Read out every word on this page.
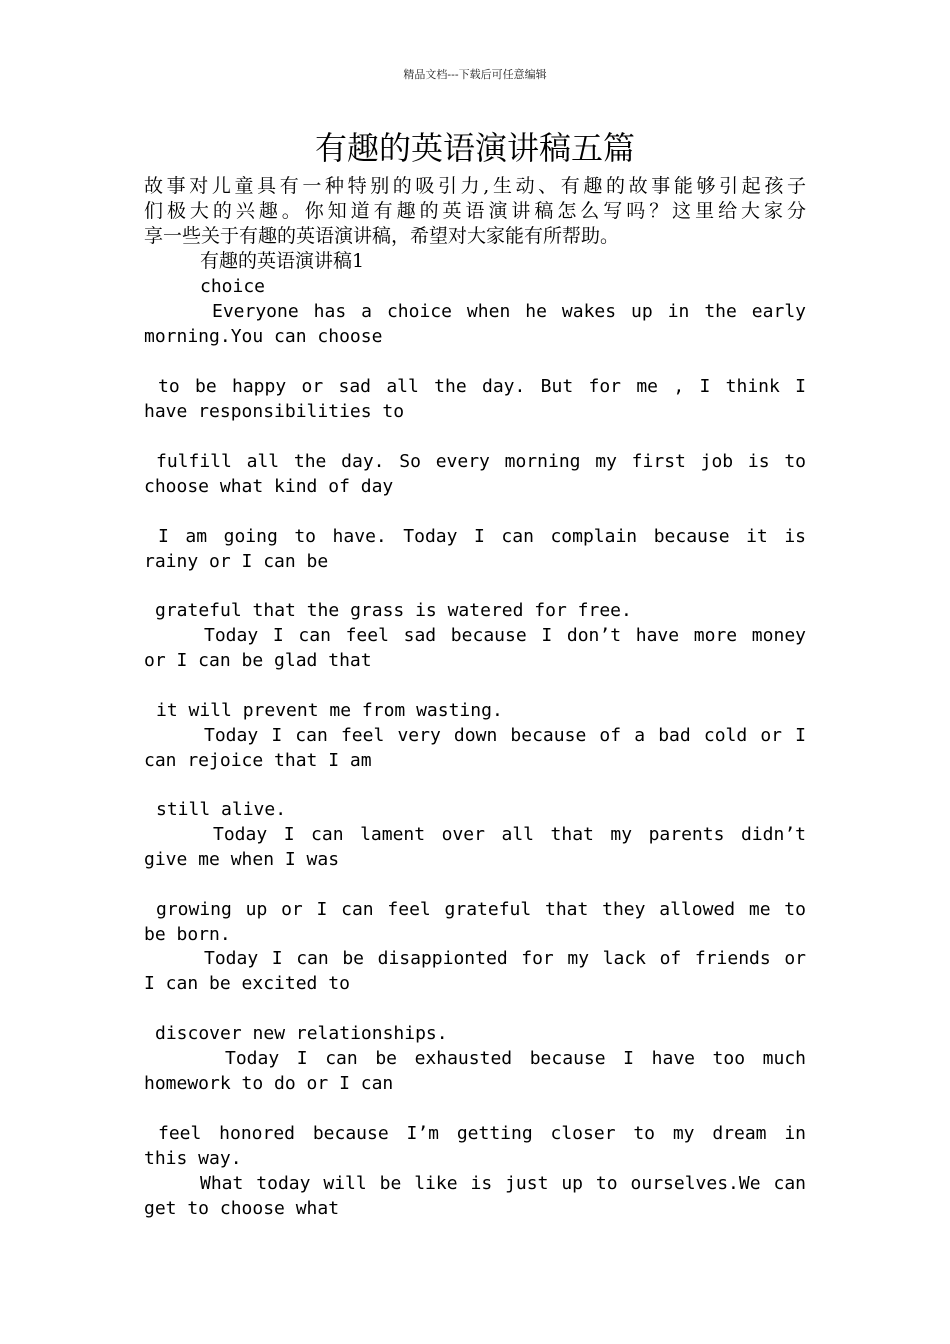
精品文档---下载后可任意编辑
有趣的英语演讲稿五篇
故事对儿童具有一种特别的吸引力,生动、有趣的故事能够引起孩子
们极大的兴趣。你知道有趣的英语演讲稿怎么写吗？这里给大家分
享一些关于有趣的英语演讲稿，希望对大家能有所帮助。
有趣的英语演讲稿1
choice
Everyone has a choice when he wakes up in the early
morning.You can choose
to be happy or sad all the day. But for me , I think I
have responsibilities to
fulfill all the day. So every morning my first job is to
choose what kind of day
I am going to have. Today I can complain because it is
rainy or I can be
grateful that the grass is watered for free.
Today I can feel sad because I don’t have more money
or I can be glad that
it will prevent me from wasting.
Today I can feel very down because of a bad cold or I
can rejoice that I am
still alive.
Today I can lament over all that my parents didn’t
give me when I was
growing up or I can feel grateful that they allowed me to
be born.
Today I can be disappionted for my lack of friends or
I can be excited to
discover new relationships.
Today I can be exhausted because I have too much
homework to do or I can
feel honored because I’m getting closer to my dream in
this way.
What today will be like is just up to ourselves.We can
get to choose what
